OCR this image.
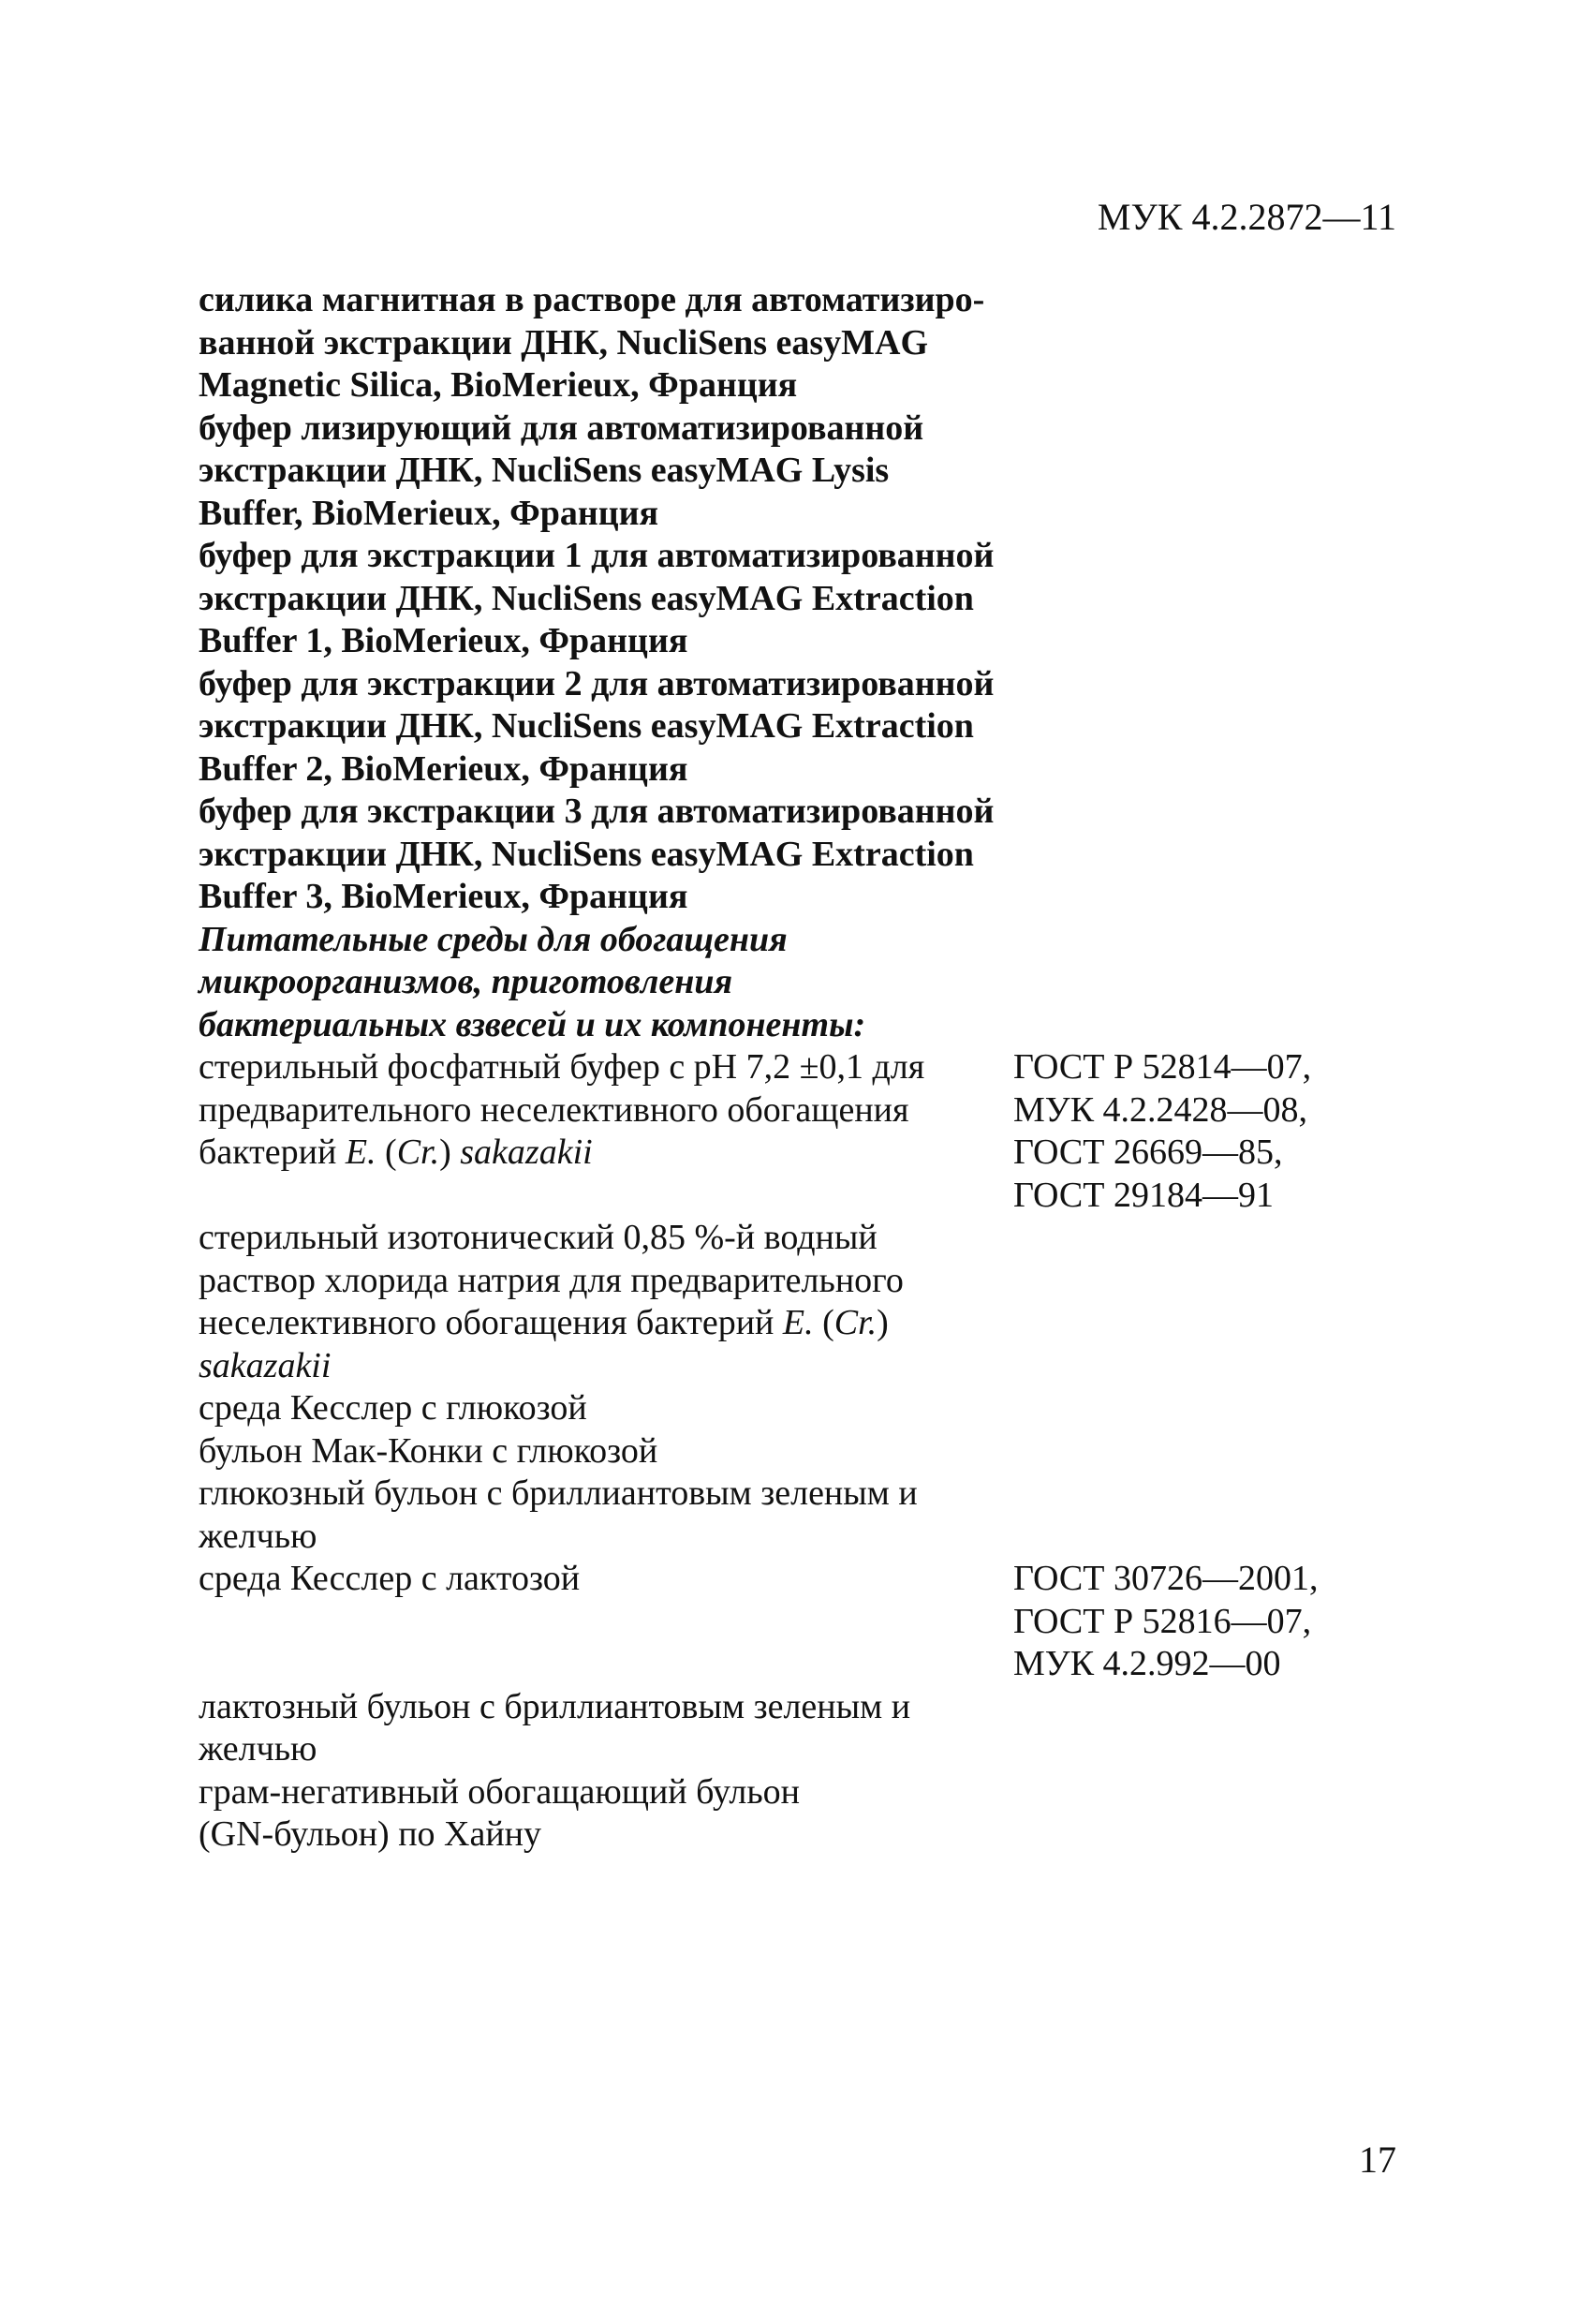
МУК 4.2.2872—11
силика магнитная в растворе для автоматизиро-
ванной экстракции ДНК, NucliSens easyMAG
Magnetic Silica, BioMerieux, Франция
буфер лизирующий для автоматизированной
экстракции ДНК, NucliSens easyMAG Lysis
Buffer, BioMerieux, Франция
буфер для экстракции 1 для автоматизированной
экстракции ДНК, NucliSens easyMAG Extraction
Buffer 1, BioMerieux, Франция
буфер для экстракции 2 для автоматизированной
экстракции ДНК, NucliSens easyMAG Extraction
Buffer 2, BioMerieux, Франция
буфер для экстракции 3 для автоматизированной
экстракции ДНК, NucliSens easyMAG Extraction
Buffer 3, BioMerieux, Франция
Питательные среды для обогащения
микроорганизмов, приготовления
бактериальных взвесей и их компоненты:
стерильный фосфатный буфер с pH 7,2 ±0,1 для
предварительного неселективного обогащения
бактерий E. (Cr.) sakazakii
ГОСТ Р 52814—07,
МУК 4.2.2428—08,
ГОСТ 26669—85,
ГОСТ 29184—91
стерильный изотонический 0,85 %-й водный
раствор хлорида натрия для предварительного
неселективного обогащения бактерий E. (Cr.)
sakazakii
среда Кесслер с глюкозой
бульон Мак-Конки с глюкозой
глюкозный бульон с бриллиантовым зеленым и
желчью
среда Кесслер с лактозой	ГОСТ 30726—2001,
ГОСТ Р 52816—07,
МУК 4.2.992—00
лактозный бульон с бриллиантовым зеленым и
желчью
грам-негативный обогащающий бульон
(GN-бульон) по Хайну
17
